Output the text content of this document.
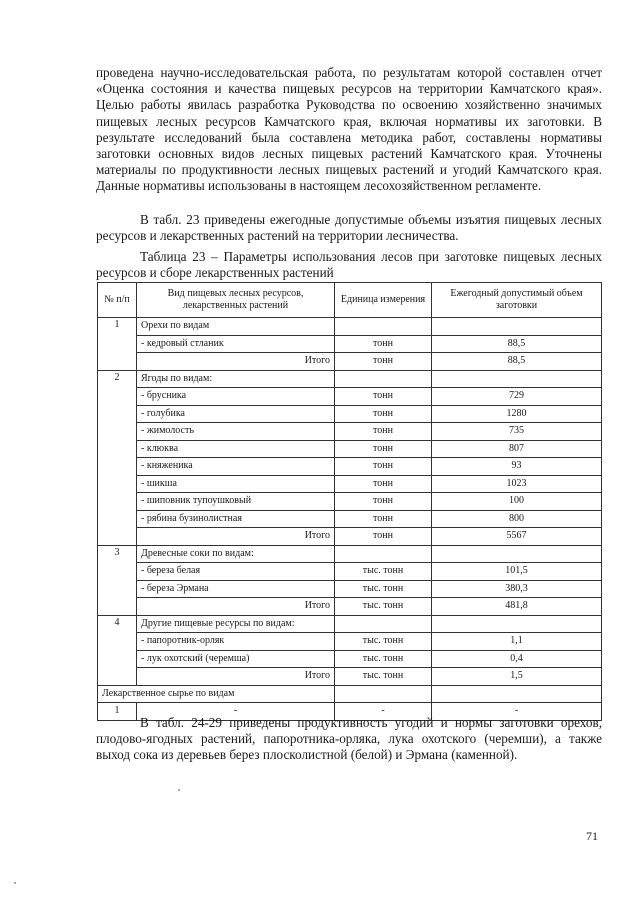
проведена научно-исследовательская работа, по результатам которой составлен отчет «Оценка состояния и качества пищевых ресурсов на территории Камчатского края». Целью работы явилась разработка Руководства по освоению хозяйственно значимых пищевых лесных ресурсов Камчатского края, включая нормативы их заготовки. В результате исследований была составлена методика работ, составлены нормативы заготовки основных видов лесных пищевых растений Камчатского края. Уточнены материалы по продуктивности лесных пищевых растений и угодий Камчатского края. Данные нормативы использованы в настоящем лесохозяйственном регламенте.

В табл. 23 приведены ежегодные допустимые объемы изъятия пищевых лесных ресурсов и лекарственных растений на территории лесничества.

Таблица 23 – Параметры использования лесов при заготовке пищевых лесных ресурсов и сборе лекарственных растений

№ п/п	Вид пищевых лесных ресурсов, лекарственных растений	Единица измерения	Ежегодный допустимый объем заготовки
1	Орехи по видам		
	- кедровый стланик	тонн	88,5
	Итого	тонн	88,5
2	Ягоды по видам:		
	- брусника	тонн	729
	- голубика	тонн	1280
	- жимолость	тонн	735
	- клюква	тонн	807
	- княженика	тонн	93
	- шикша	тонн	1023
	- шиповник тупоушковый	тонн	100
	- рябина бузинолистная	тонн	800
	Итого	тонн	5567
3	Древесные соки по видам:		
	- береза белая	тыс. тонн	101,5
	- береза Эрмана	тыс. тонн	380,3
	Итого	тыс. тонн	481,8
4	Другие пищевые ресурсы по видам:		
	- папоротник-орляк	тыс. тонн	1,1
	- лук охотский (черемша)	тыс. тонн	0,4
	Итого	тыс. тонн	1,5
Лекарственное сырье по видам			
1	-	-	-

В табл. 24-29 приведены продуктивность угодий и нормы заготовки орехов, плодово-ягодных растений, папоротника-орляка, лука охотского (черемши), а также выход сока из деревьев берез плосколистной (белой) и Эрмана (каменной).

71
